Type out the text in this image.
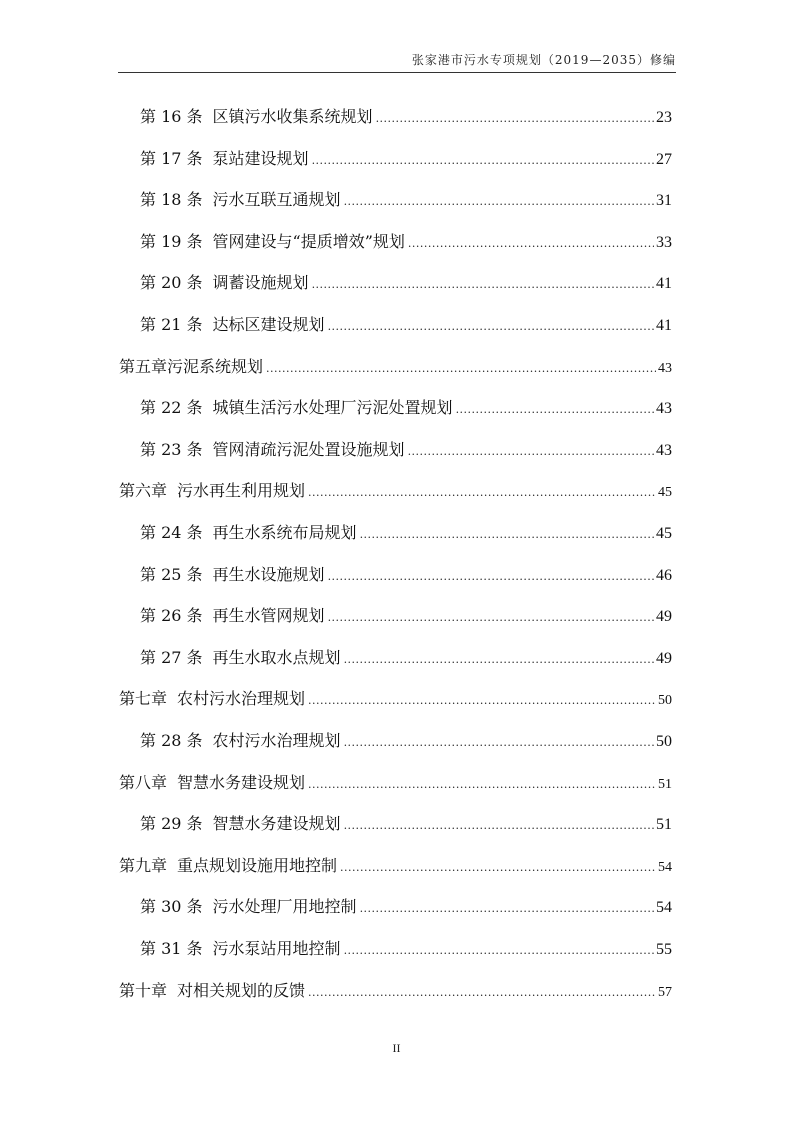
张家港市污水专项规划（2019—2035）修编
第 16 条 区镇污水收集系统规划 .....	23
第 17 条 泵站建设规划 .....	27
第 18 条 污水互联互通规划 .....	31
第 19 条 管网建设与“提质增效”规划 .....	33
第 20 条 调蓄设施规划 .....	41
第 21 条 达标区建设规划 .....	41
第五章 污泥系统规划 .....	43
第 22 条 城镇生活污水处理厂污泥处置规划 .....	43
第 23 条 管网清疏污泥处置设施规划 .....	43
第六章 污水再生利用规划 .....	45
第 24 条 再生水系统布局规划 .....	45
第 25 条 再生水设施规划 .....	46
第 26 条 再生水管网规划 .....	49
第 27 条 再生水取水点规划 .....	49
第七章 农村污水治理规划 .....	50
第 28 条 农村污水治理规划 .....	50
第八章 智慧水务建设规划 .....	51
第 29 条 智慧水务建设规划 .....	51
第九章 重点规划设施用地控制 .....	54
第 30 条 污水处理厂用地控制 .....	54
第 31 条 污水泵站用地控制 .....	55
第十章 对相关规划的反馈 .....	57
II
